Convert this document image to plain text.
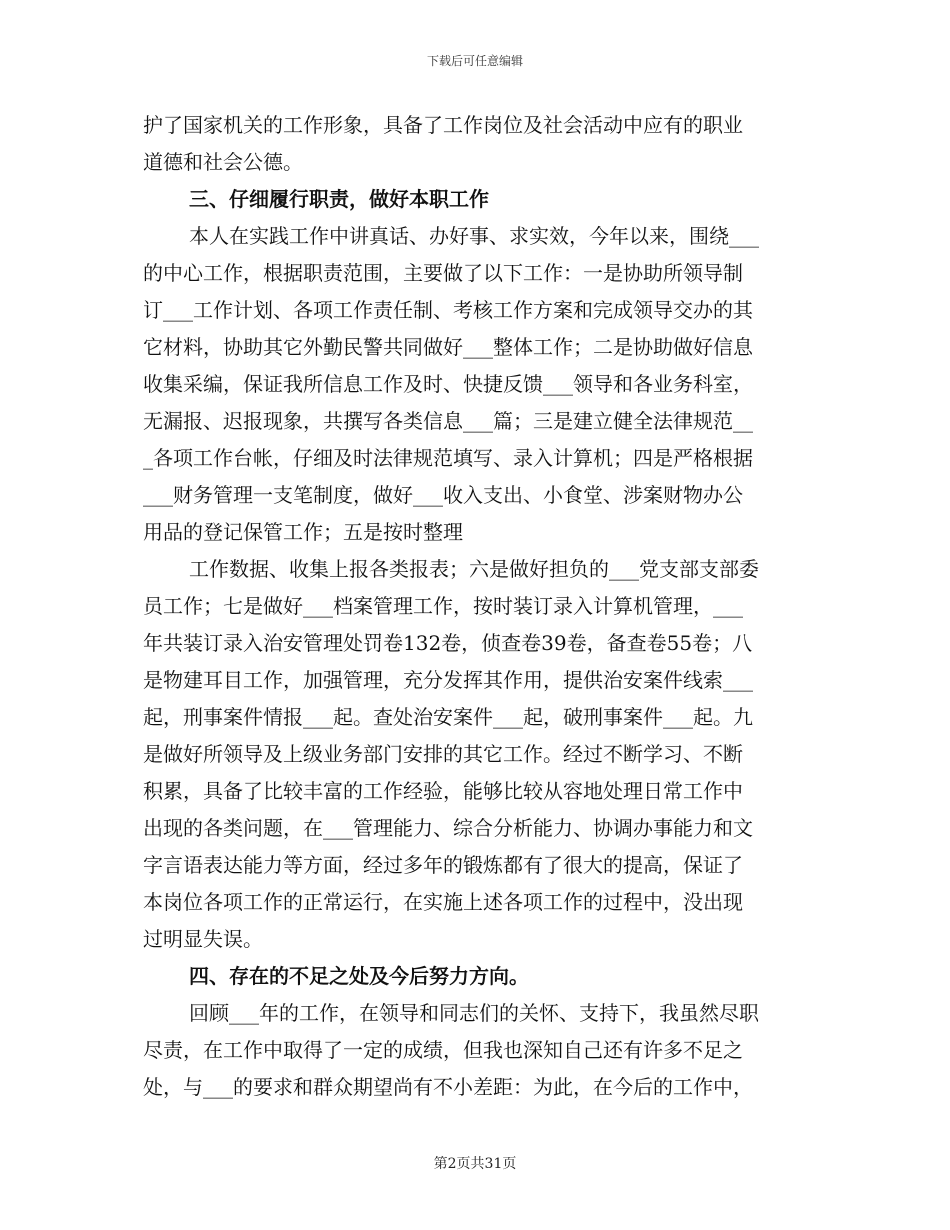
下载后可任意编辑
护了国家机关的工作形象，具备了工作岗位及社会活动中应有的职业
道德和社会公德。
三、仔细履行职责，做好本职工作
本人在实践工作中讲真话、办好事、求实效，今年以来，围绕___
的中心工作，根据职责范围，主要做了以下工作：一是协助所领导制
订___工作计划、各项工作责任制、考核工作方案和完成领导交办的其
它材料，协助其它外勤民警共同做好___整体工作；二是协助做好信息
收集采编，保证我所信息工作及时、快捷反馈___领导和各业务科室，
无漏报、迟报现象，共撰写各类信息___篇；三是建立健全法律规范__
_各项工作台帐，仔细及时法律规范填写、录入计算机；四是严格根据
___财务管理一支笔制度，做好___收入支出、小食堂、涉案财物办公
用品的登记保管工作；五是按时整理
工作数据、收集上报各类报表；六是做好担负的___党支部支部委
员工作；七是做好___档案管理工作，按时装订录入计算机管理，___
年共装订录入治安管理处罚卷132卷，侦查卷39卷，备查卷55卷；八
是物建耳目工作，加强管理，充分发挥其作用，提供治安案件线索___
起，刑事案件情报___起。查处治安案件___起，破刑事案件___起。九
是做好所领导及上级业务部门安排的其它工作。经过不断学习、不断
积累，具备了比较丰富的工作经验，能够比较从容地处理日常工作中
出现的各类问题，在___管理能力、综合分析能力、协调办事能力和文
字言语表达能力等方面，经过多年的锻炼都有了很大的提高，保证了
本岗位各项工作的正常运行，在实施上述各项工作的过程中，没出现
过明显失误。
四、存在的不足之处及今后努力方向。
回顾___年的工作，在领导和同志们的关怀、支持下，我虽然尽职
尽责，在工作中取得了一定的成绩，但我也深知自己还有许多不足之
处，与___的要求和群众期望尚有不小差距：为此，在今后的工作中，
第2页共31页
